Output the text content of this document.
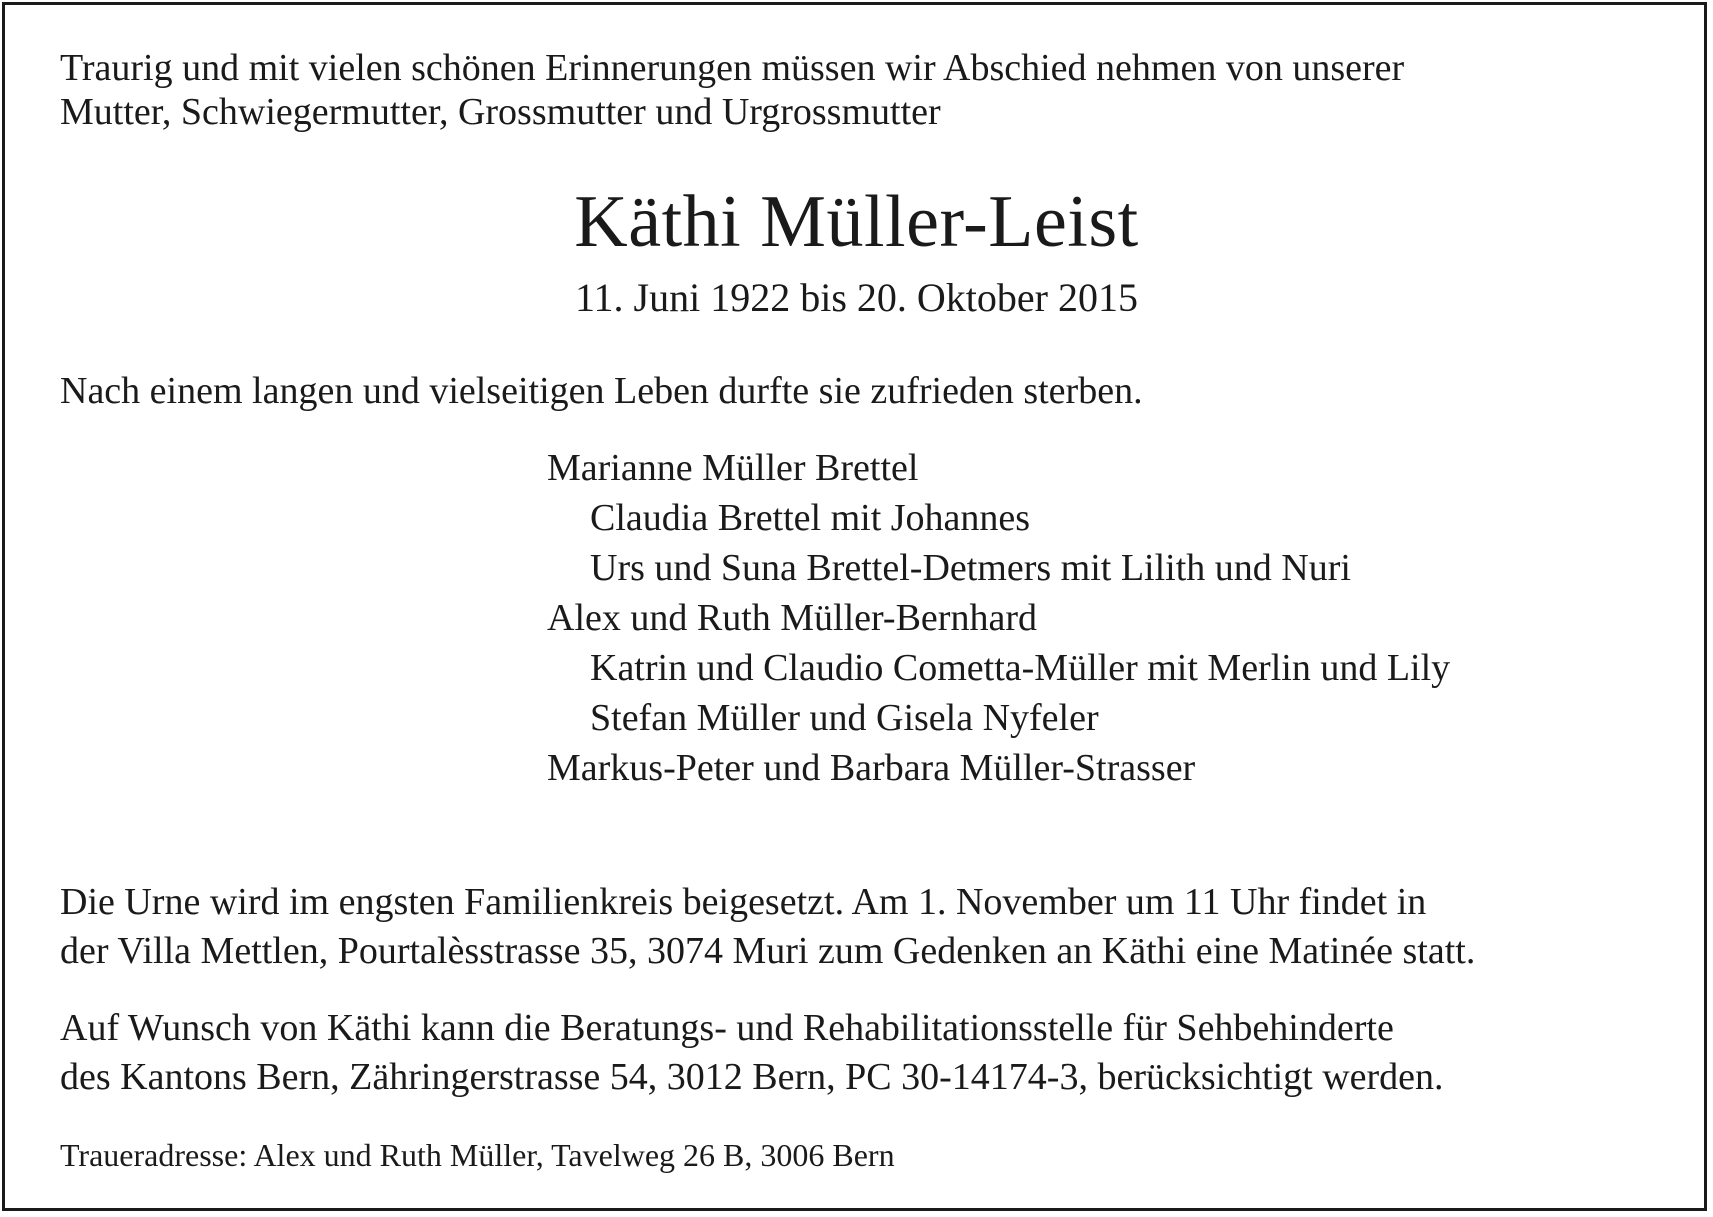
Traurig und mit vielen schönen Erinnerungen müssen wir Abschied nehmen von unserer
Mutter, Schwiegermutter, Grossmutter und Urgrossmutter
Käthi Müller-Leist
11. Juni 1922 bis 20. Oktober 2015
Nach einem langen und vielseitigen Leben durfte sie zufrieden sterben.
Marianne Müller Brettel
Claudia Brettel mit Johannes
Urs und Suna Brettel-Detmers mit Lilith und Nuri
Alex und Ruth Müller-Bernhard
Katrin und Claudio Cometta-Müller mit Merlin und Lily
Stefan Müller und Gisela Nyfeler
Markus-Peter und Barbara Müller-Strasser
Die Urne wird im engsten Familienkreis beigesetzt. Am 1. November um 11 Uhr findet in
der Villa Mettlen, Pourtalèsstrasse 35, 3074 Muri zum Gedenken an Käthi eine Matinée statt.
Auf Wunsch von Käthi kann die Beratungs- und Rehabilitationsstelle für Sehbehinderte
des Kantons Bern, Zähringerstrasse 54, 3012 Bern, PC 30-14174-3, berücksichtigt werden.
Traueradresse: Alex und Ruth Müller, Tavelweg 26 B, 3006 Bern
